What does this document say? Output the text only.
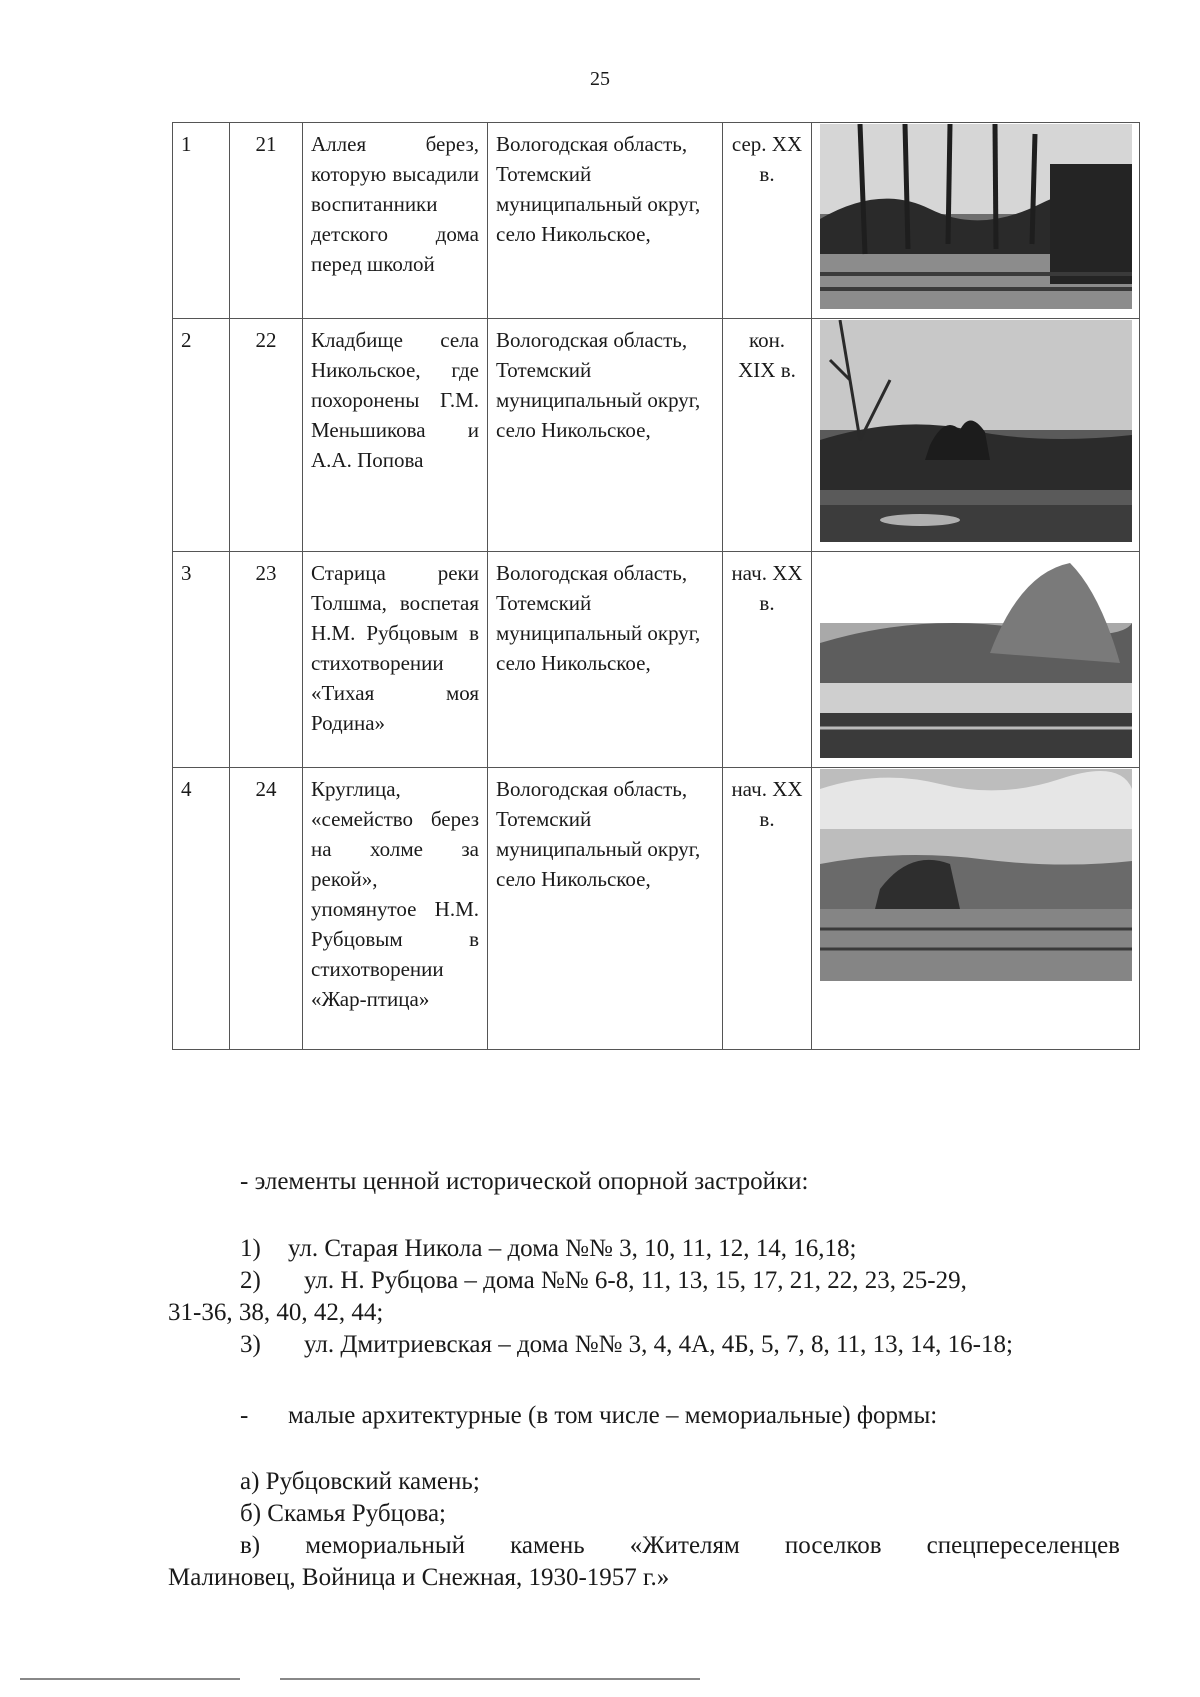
25
1	21	Аллея берез, которую высадили воспитанники детского дома перед школой	Вологодская область, Тотемский муниципальный округ, село Никольское,	сер. XX в.	
2	22	Кладбище села Никольское, где похоронены Г.М. Меньшикова и А.А. Попова	Вологодская область, Тотемский муниципальный округ, село Никольское,	кон. XIX в.	
3	23	Старица реки Толшма, воспетая Н.М. Рубцовым в стихотворении «Тихая моя Родина»	Вологодская область, Тотемский муниципальный округ, село Никольское,	нач. XX в.	
4	24	Круглица, «семейство берез на холме за рекой», упомянутое Н.М. Рубцовым в стихотворении «Жар-птица»	Вологодская область, Тотемский муниципальный округ, село Никольское,	нач. XX в.	
- элементы ценной исторической опорной застройки:
1)	ул. Старая Никола – дома №№ 3, 10, 11, 12, 14, 16,18;
2)	ул. Н. Рубцова – дома №№ 6-8, 11, 13, 15, 17, 21, 22, 23, 25-29,
31-36, 38, 40, 42, 44;
3)	ул. Дмитриевская – дома №№ 3, 4, 4А, 4Б, 5, 7, 8, 11, 13, 14, 16-18;
-	малые архитектурные (в том числе – мемориальные) формы:
а) Рубцовский камень;
б) Скамья Рубцова;
в) мемориальный камень «Жителям поселков спецпереселенцев
Малиновец, Войница и Снежная, 1930-1957 г.»
